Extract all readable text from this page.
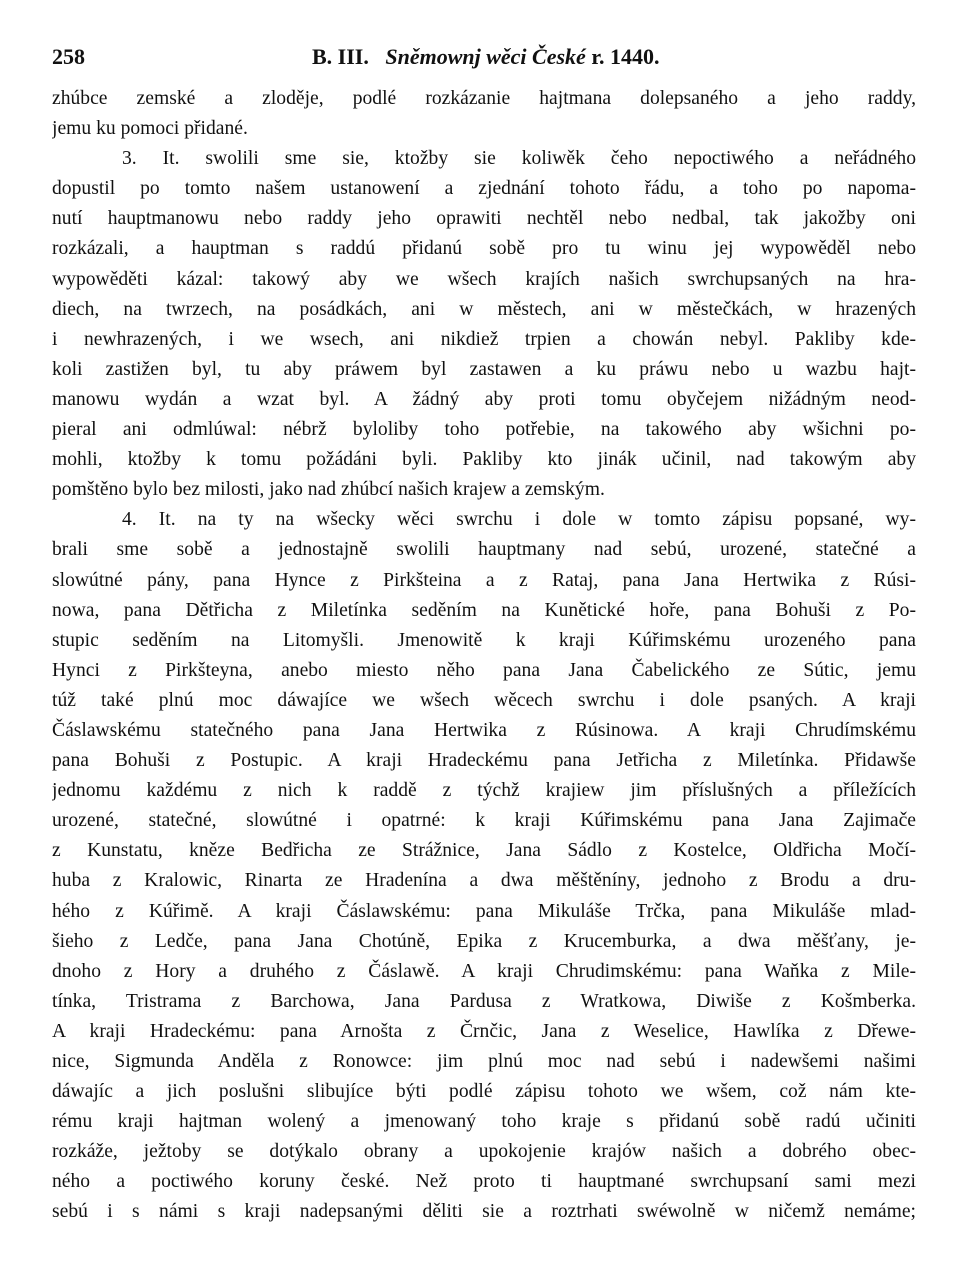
258	B. III. Sněmownj wěci České r. 1440.
zhúbce zemské a zloděje, podlé rozkázanie hajtmana dolepsaného a jeho raddy,
jemu ku pomoci přidané.
3. It. swolili sme sie, ktožby sie koliwěk čeho nepoctiwého a neřádného
dopustil po tomto našem ustanowení a zjednání tohoto řádu, a toho po napoma-
nutí hauptmanowu nebo raddy jeho oprawiti nechtěl nebo nedbal, tak jakožby oni
rozkázali, a hauptman s raddú přidanú sobě pro tu winu jej wypowěděl nebo
wypowěděti kázal: takowý aby we wšech krajích našich swrchupsaných na hra-
diech, na twrzech, na posádkách, ani w městech, ani w městečkách, w hrazených
i newhrazených, i we wsech, ani nikdiež trpien a chowán nebyl. Pakliby kde-
koli zastižen byl, tu aby práwem byl zastawen a ku práwu nebo u wazbu hajt-
manowu wydán a wzat byl. A žádný aby proti tomu obyčejem nižádným neod-
pieral ani odmlúwal: nébrž byloliby toho potřebie, na takowého aby wšichni po-
mohli, ktožby k tomu požádáni byli. Pakliby kto jinák učinil, nad takowým aby
pomštěno bylo bez milosti, jako nad zhúbcí našich krajew a zemským.
4. It. na ty na wšecky wěci swrchu i dole w tomto zápisu popsané, wy-
brali sme sobě a jednostajně swolili hauptmany nad sebú, urozené, statečné a
slowútné pány, pana Hynce z Pirkšteina a z Rataj, pana Jana Hertwika z Rúsi-
nowa, pana Dětřicha z Miletínka seděním na Kunětické hoře, pana Bohuši z Po-
stupic seděním na Litomyšli. Jmenowitě k kraji Kúřimskému urozeného pana
Hynci z Pirkšteyna, anebo miesto něho pana Jana Čabelického ze Sútic, jemu
túž také plnú moc dáwajíce we wšech wěcech swrchu i dole psaných. A kraji
Čáslawskému statečného pana Jana Hertwika z Rúsinowa. A kraji Chrudímskému
pana Bohuši z Postupic. A kraji Hradeckému pana Jetřicha z Miletínka. Přidawše
jednomu každému z nich k raddě z týchž krajiew jim příslušných a příležících
urozené, statečné, slowútné i opatrné: k kraji Kúřimskému pana Jana Zajimače
z Kunstatu, kněze Bedřicha ze Strážnice, Jana Sádlo z Kostelce, Oldřicha Močí-
huba z Kralowic, Rinarta ze Hradenína a dwa měštěníny, jednoho z Brodu a dru-
hého z Kúřimě. A kraji Čáslawskému: pana Mikuláše Trčka, pana Mikuláše mlad-
šieho z Ledče, pana Jana Chotúně, Epika z Krucemburka, a dwa měšťany, je-
dnoho z Hory a druhého z Čáslawě. A kraji Chrudimskému: pana Waňka z Mile-
tínka, Tristrama z Barchowa, Jana Pardusa z Wratkowa, Diwiše z Košmberka.
A kraji Hradeckému: pana Arnošta z Črnčic, Jana z Weselice, Hawlíka z Dřewe-
nice, Sigmunda Anděla z Ronowce: jim plnú moc nad sebú i nadewšemi našimi
dáwajíc a jich poslušni slibujíce býti podlé zápisu tohoto we wšem, což nám kte-
rému kraji hajtman wolený a jmenowaný toho kraje s přidanú sobě radú učiniti
rozkáže, ježtoby se dotýkalo obrany a upokojenie krajów našich a dobrého obec-
ného a poctiwého koruny české. Než proto ti hauptmané swrchupsaní sami mezi
sebú i s námi s kraji nadepsanými děliti sie a roztrhati swéwolně w ničemž nemáme;
